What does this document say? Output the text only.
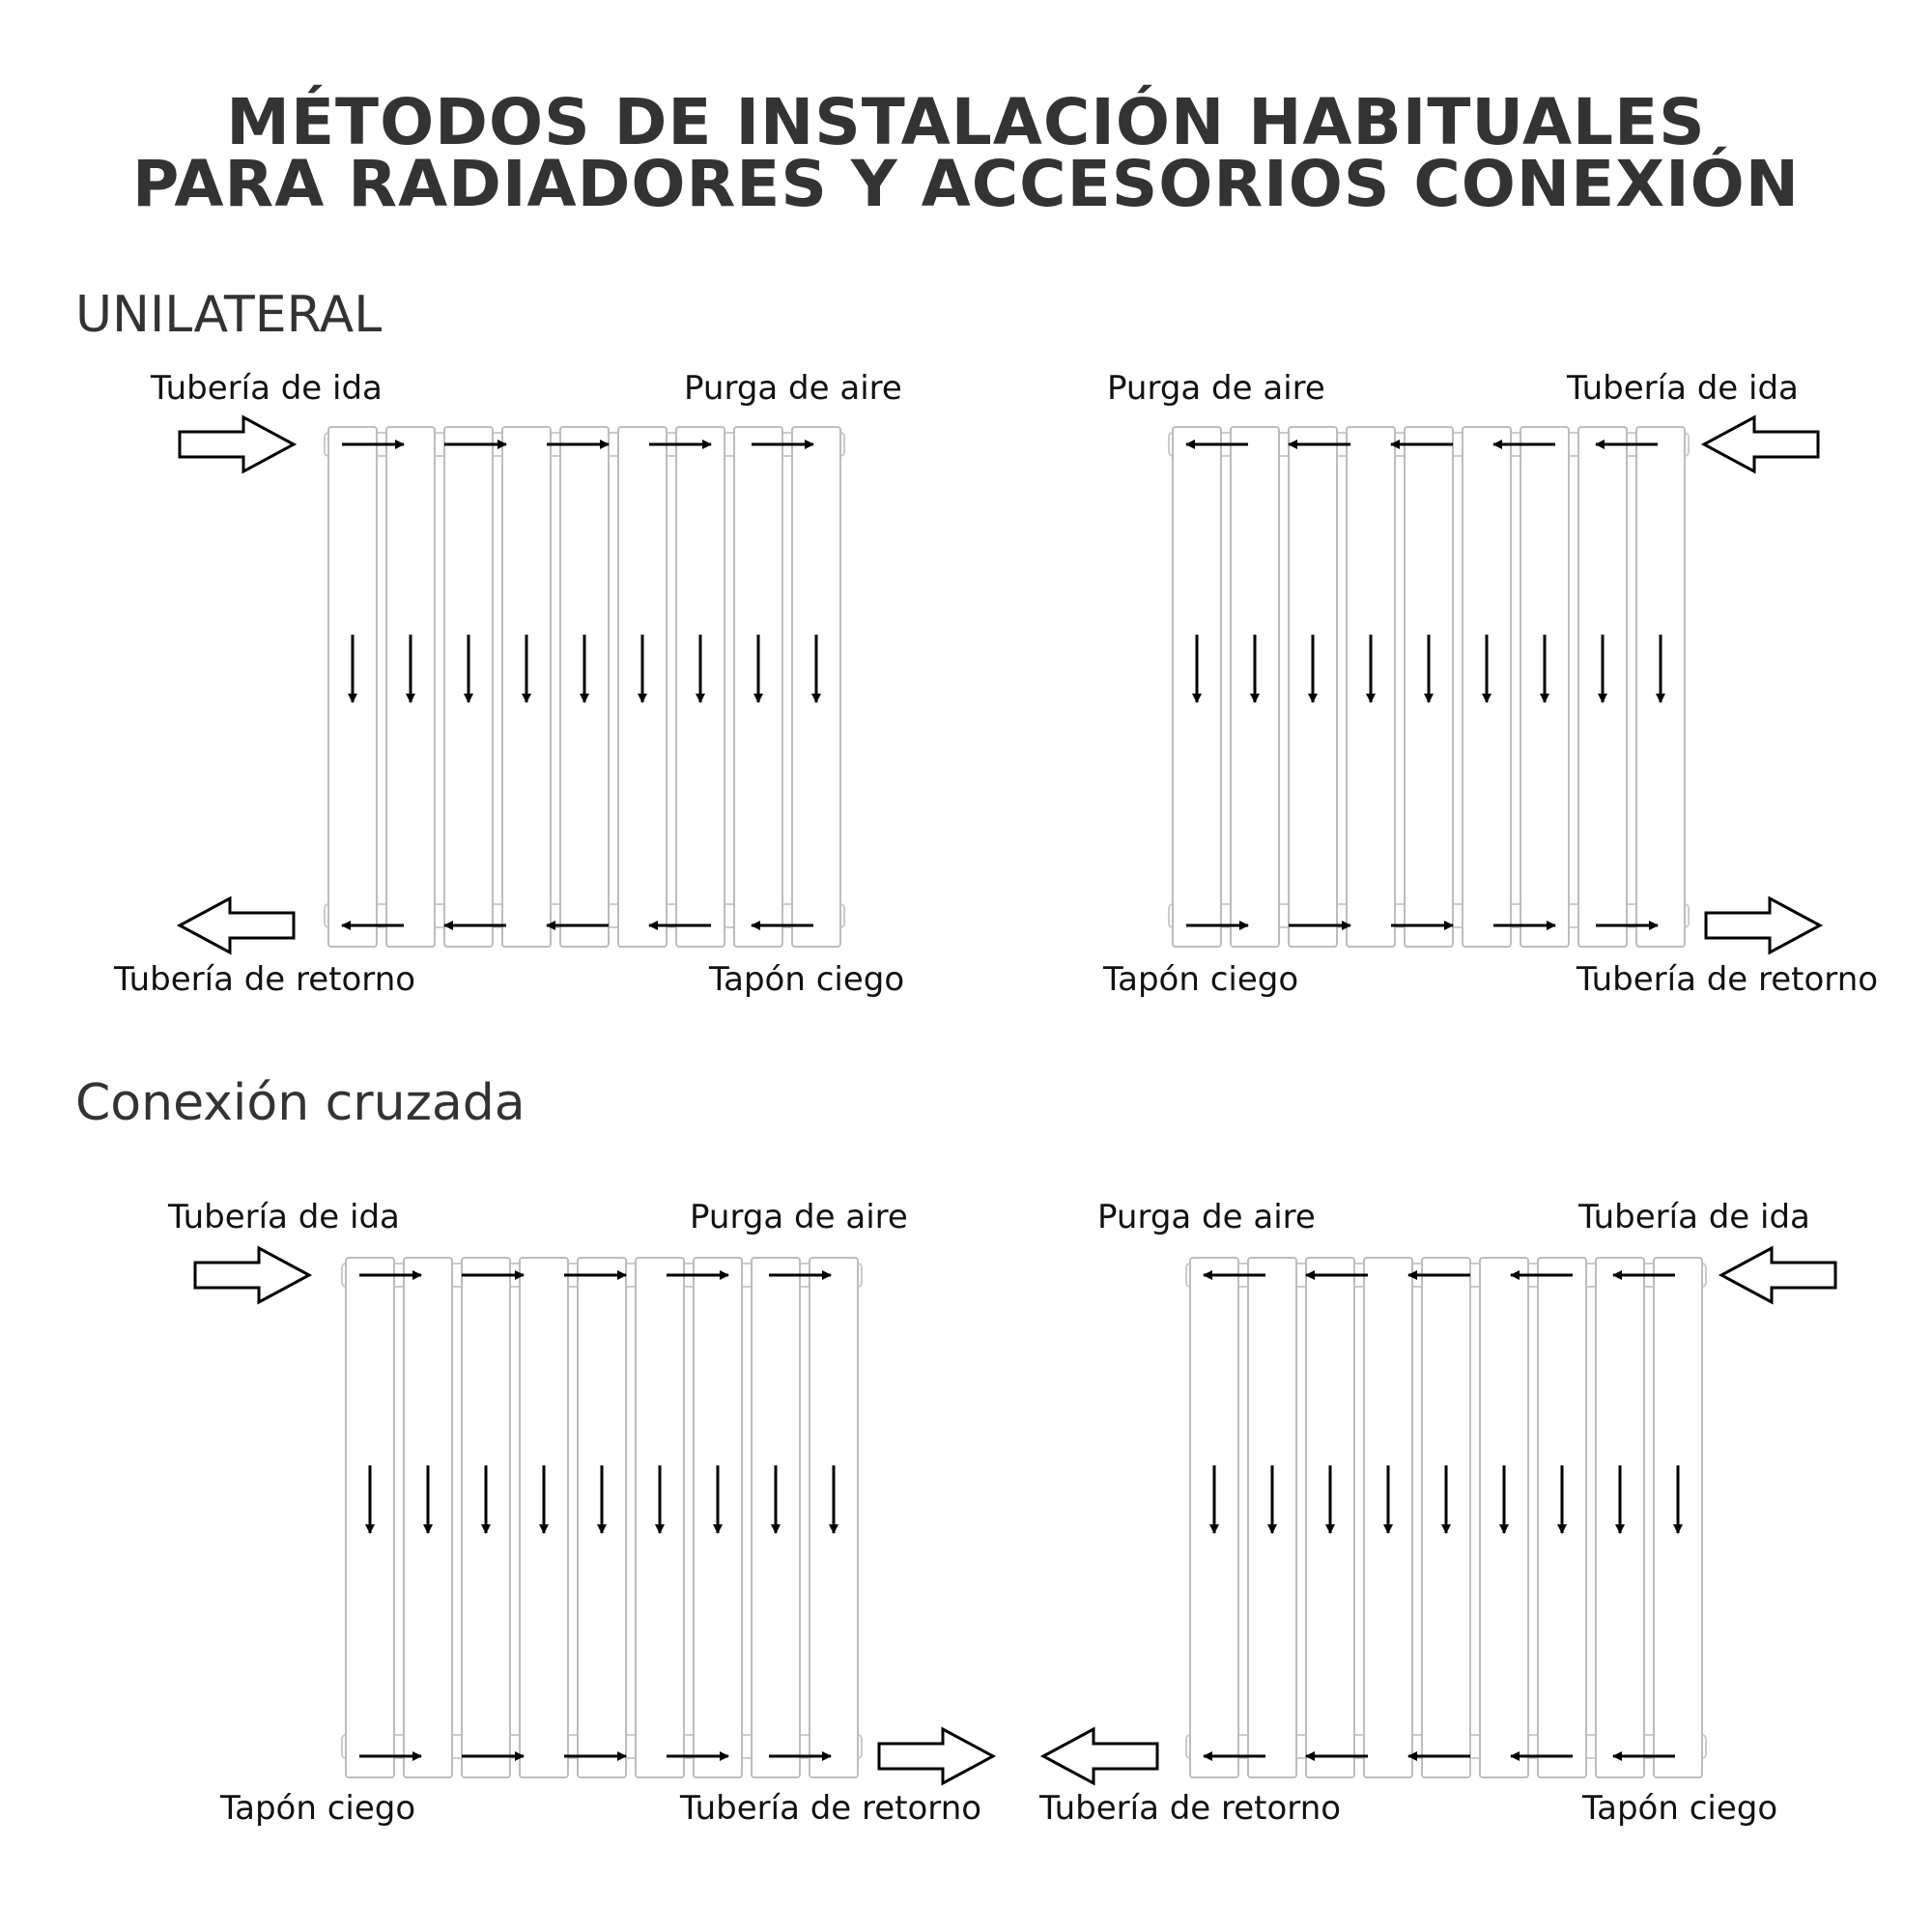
MÉTODOS DE INSTALACIÓN HABITUALES
PARA RADIADORES Y ACCESORIOS CONEXIÓN
UNILATERAL
Conexión cruzada
Tubería de ida	Purga de aire
Tubería de retorno	Tapón ciego
Purga de aire	Tubería de ida
Tapón ciego	Tubería de retorno
Tubería de ida	Purga de aire
Tapón ciego	Tubería de retorno
Purga de aire	Tubería de ida
Tubería de retorno	Tapón ciego
